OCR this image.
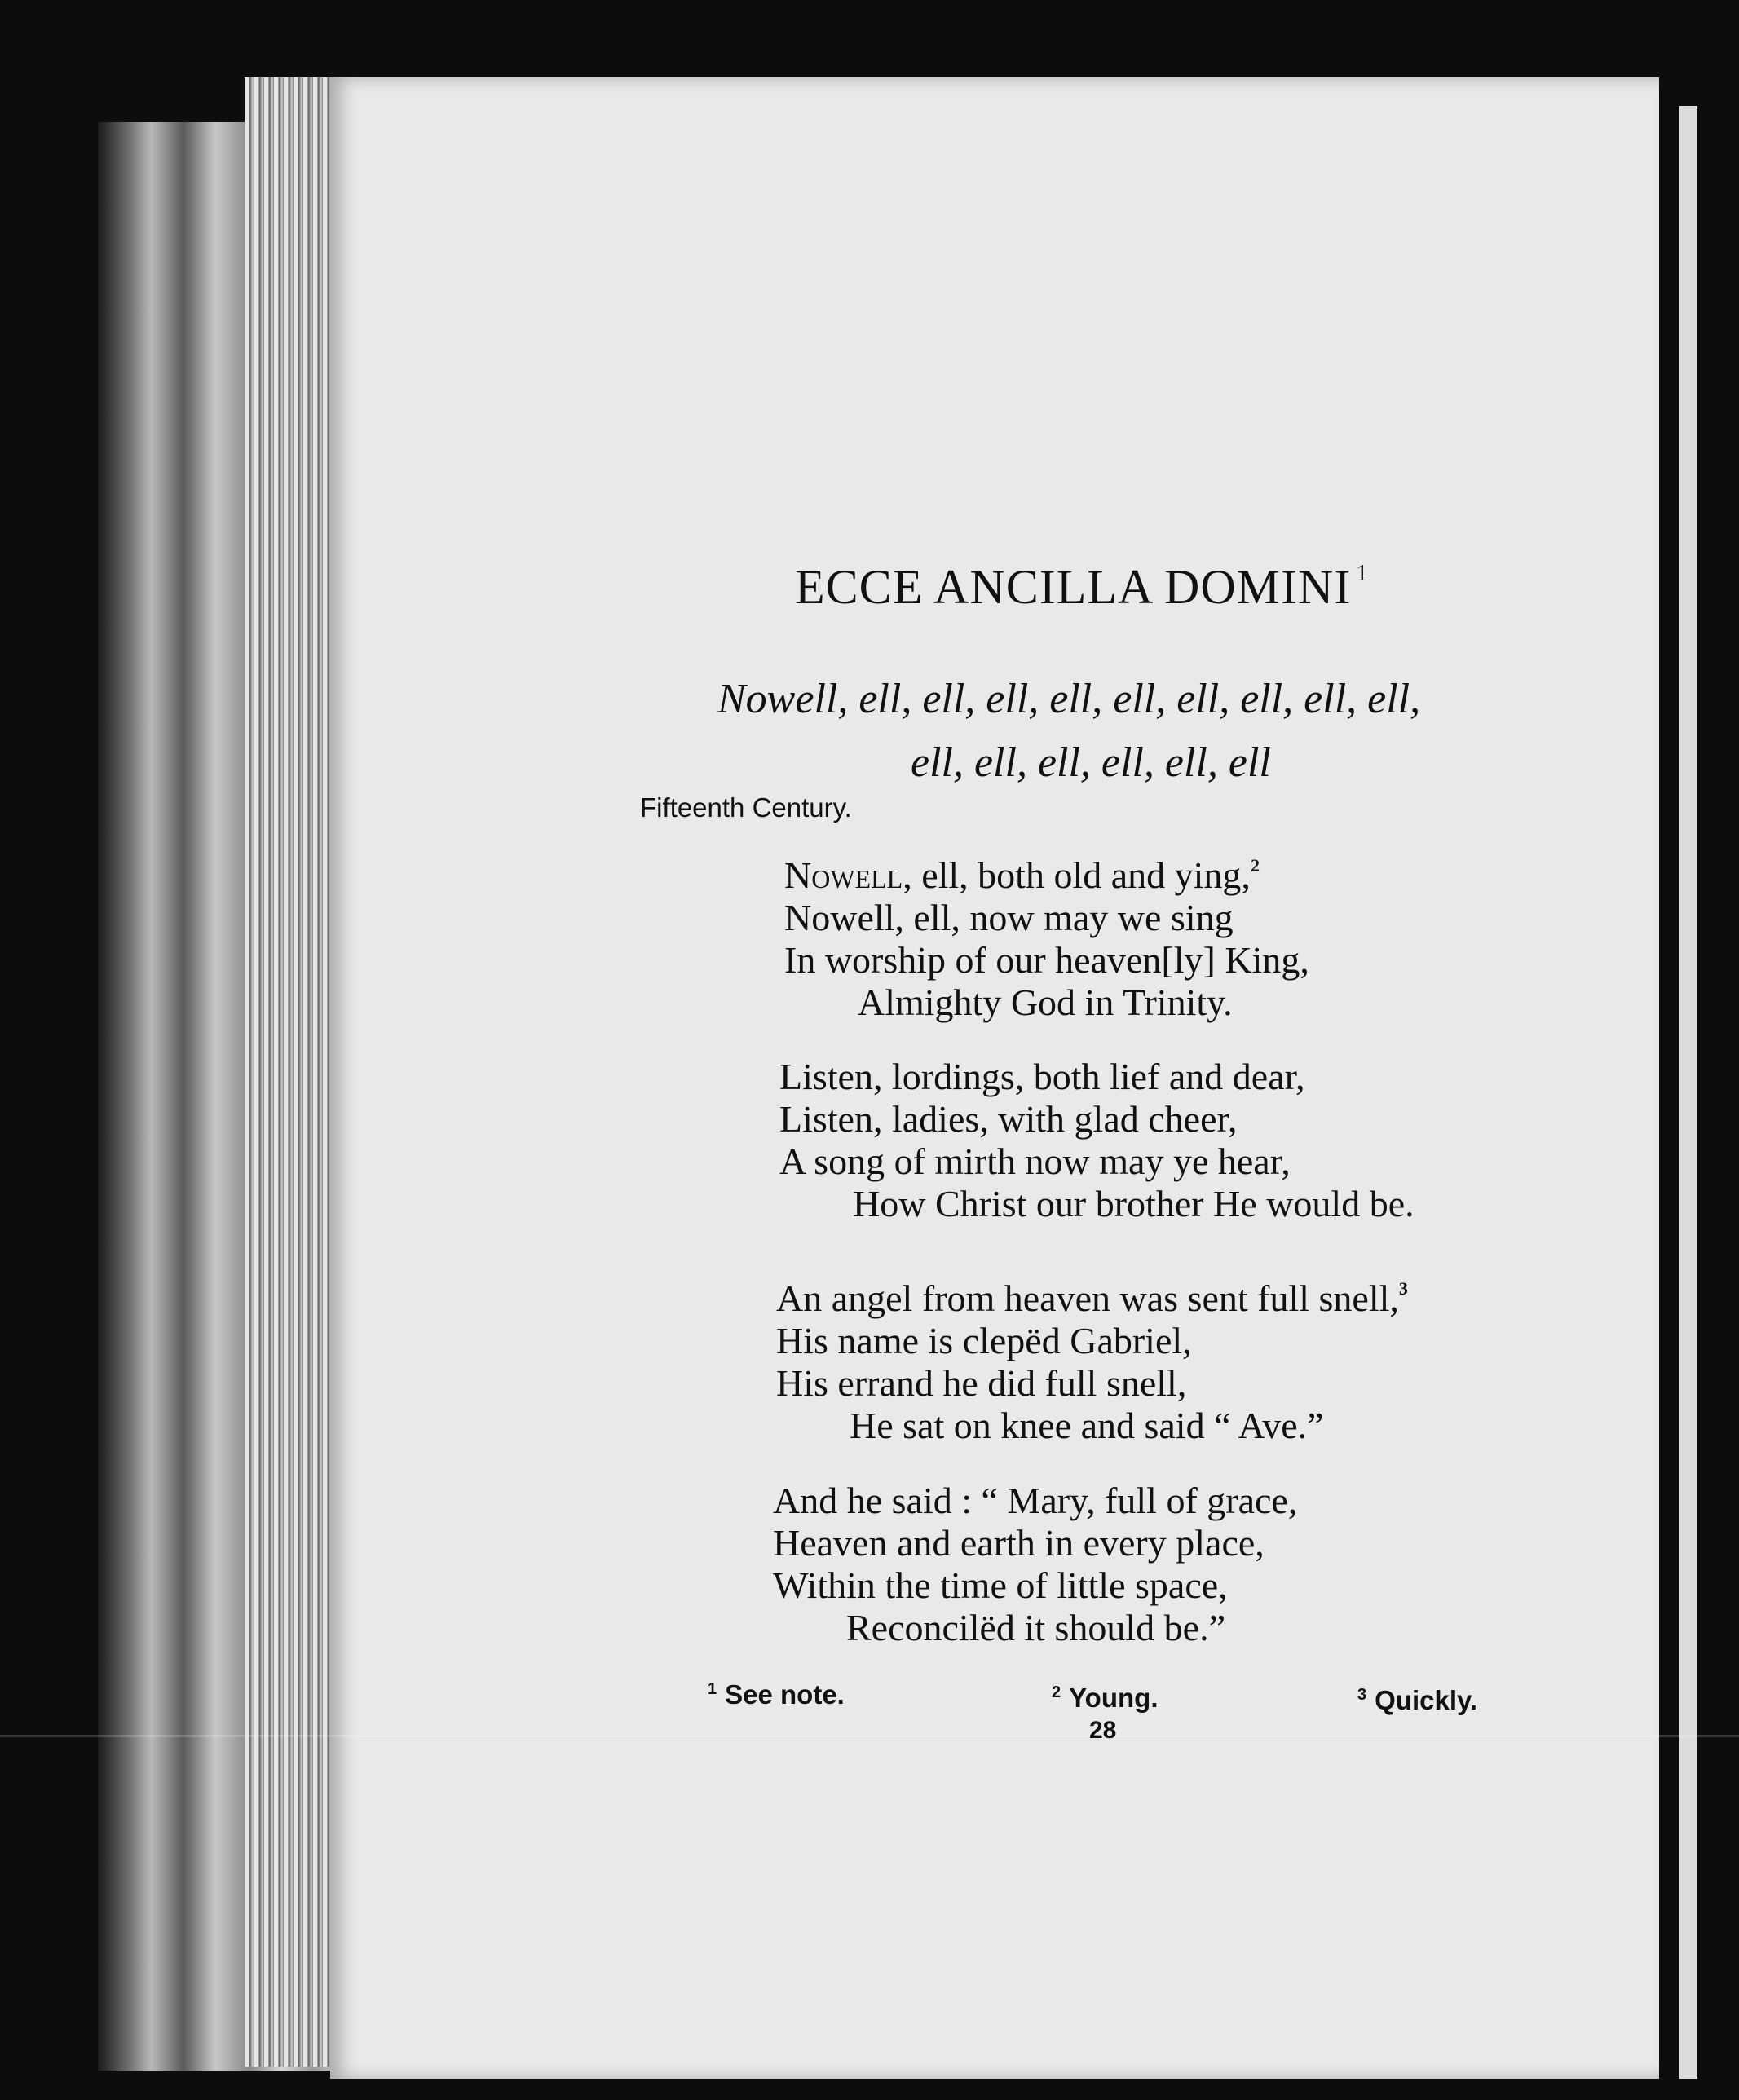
ECCE ANCILLA DOMINI $^1$
Nowell, ell, ell, ell, ell, ell, ell, ell, ell, ell,
ell, ell, ell, ell, ell, ell
Fifteenth Century.
Nowell, ell, both old and ying,$^2$
Nowell, ell, now may we sing
In worship of our heaven[ly] King,
Almighty God in Trinity.
Listen, lordings, both lief and dear,
Listen, ladies, with glad cheer,
A song of mirth now may ye hear,
How Christ our brother He would be.
An angel from heaven was sent full snell,$^3$
His name is clepëd Gabriel,
His errand he did full snell,
He sat on knee and said “ Ave.”
And he said : “ Mary, full of grace,
Heaven and earth in every place,
Within the time of little space,
Reconcilëd it should be.”
$^1$ See note.	$^2$ Young.	$^3$ Quickly.
28
